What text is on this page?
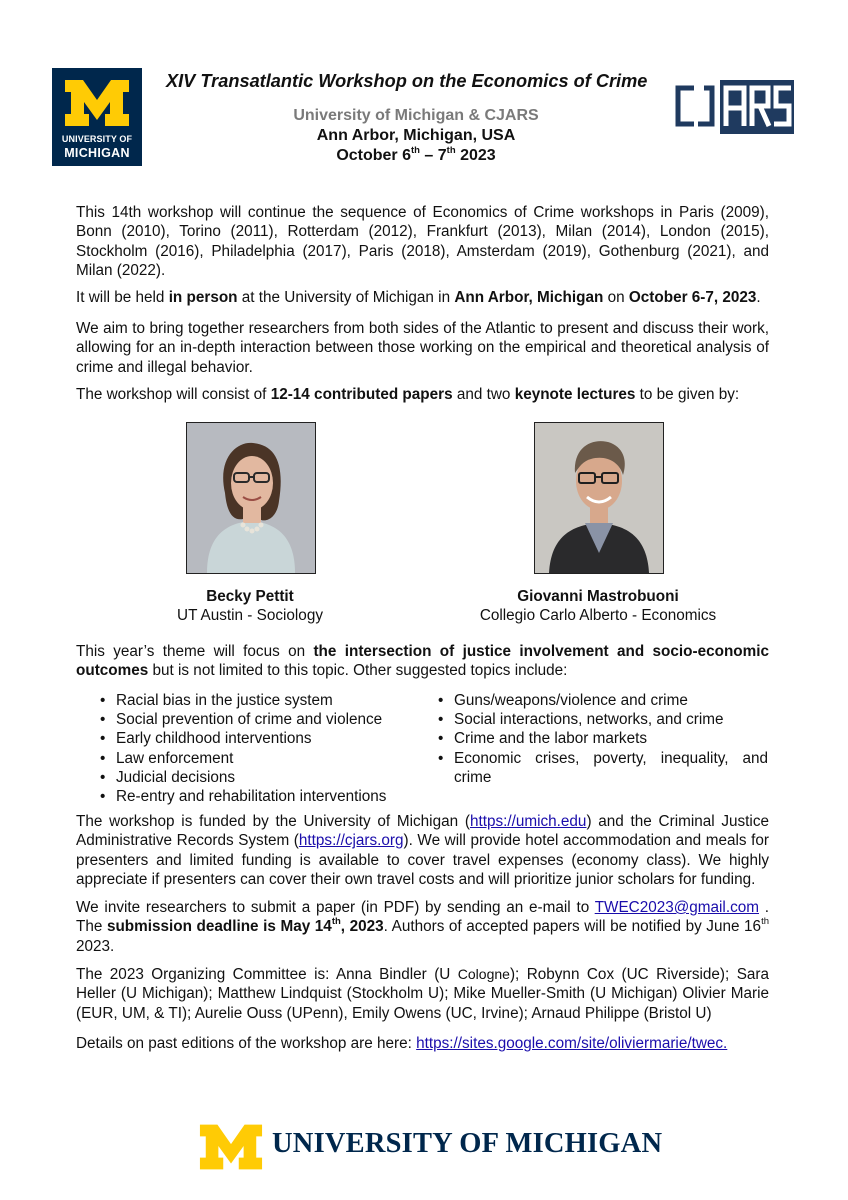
UNIVERSITY OF
MICHIGAN
XIV Transatlantic Workshop on the Economics of Crime
University of Michigan & CJARS
Ann Arbor, Michigan, USA
October 6th – 7th 2023
CJARS
This 14th workshop will continue the sequence of Economics of Crime workshops in Paris (2009), Bonn (2010), Torino (2011), Rotterdam (2012), Frankfurt (2013), Milan (2014), London (2015), Stockholm (2016), Philadelphia (2017), Paris (2018), Amsterdam (2019), Gothenburg (2021), and Milan (2022).
It will be held in person at the University of Michigan in Ann Arbor, Michigan on October 6-7, 2023.
We aim to bring together researchers from both sides of the Atlantic to present and discuss their work, allowing for an in-depth interaction between those working on the empirical and theoretical analysis of crime and illegal behavior.
The workshop will consist of 12-14 contributed papers and two keynote lectures to be given by:
Becky Pettit
UT Austin - Sociology
Giovanni Mastrobuoni
Collegio Carlo Alberto - Economics
This year’s theme will focus on the intersection of justice involvement and socio-economic outcomes but is not limited to this topic. Other suggested topics include:
• Racial bias in the justice system
• Social prevention of crime and violence
• Early childhood interventions
• Law enforcement
• Judicial decisions
• Re-entry and rehabilitation interventions
• Guns/weapons/violence and crime
• Social interactions, networks, and crime
• Crime and the labor markets
• Economic crises, poverty, inequality, and crime
The workshop is funded by the University of Michigan (https://umich.edu) and the Criminal Justice Administrative Records System (https://cjars.org). We will provide hotel accommodation and meals for presenters and limited funding is available to cover travel expenses (economy class). We highly appreciate if presenters can cover their own travel costs and will prioritize junior scholars for funding.
We invite researchers to submit a paper (in PDF) by sending an e-mail to TWEC2023@gmail.com . The submission deadline is May 14th, 2023. Authors of accepted papers will be notified by June 16th 2023.
The 2023 Organizing Committee is: Anna Bindler (U Cologne); Robynn Cox (UC Riverside); Sara Heller (U Michigan); Matthew Lindquist (Stockholm U); Mike Mueller-Smith (U Michigan) Olivier Marie (EUR, UM, & TI); Aurelie Ouss (UPenn), Emily Owens (UC, Irvine); Arnaud Philippe (Bristol U)
Details on past editions of the workshop are here: https://sites.google.com/site/oliviermarie/twec.
UNIVERSITY OF MICHIGAN
